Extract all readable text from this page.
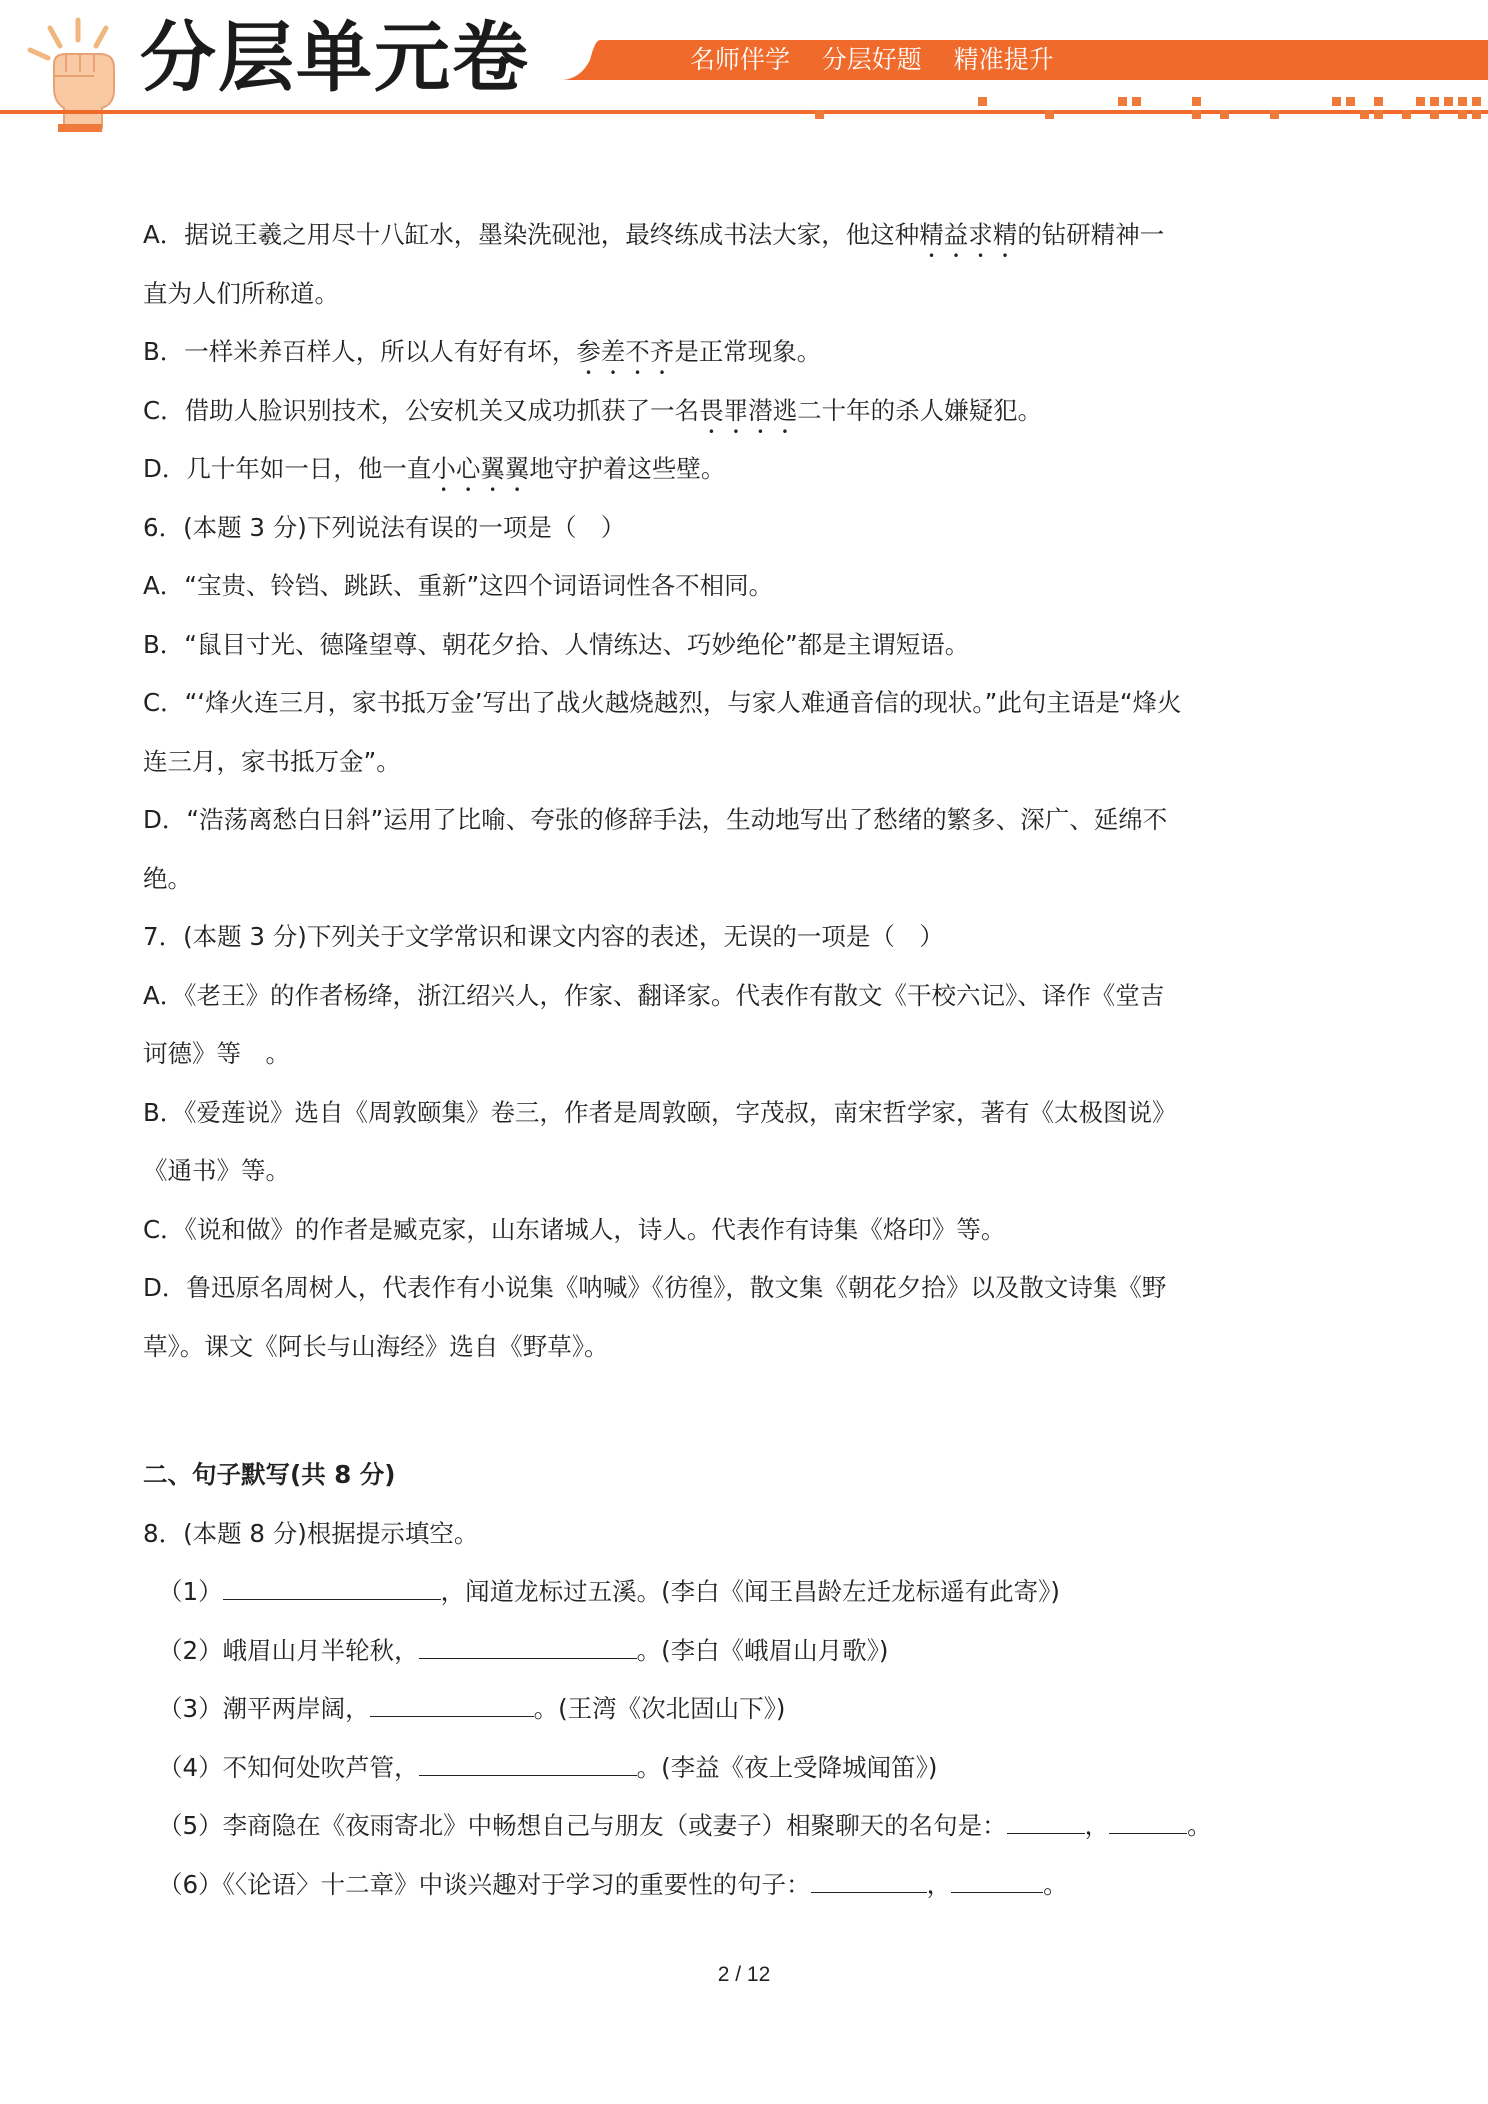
分层单元卷	名师伴学    分层好题    精准提升

A．据说王羲之用尽十八缸水，墨染洗砚池，最终练成书法大家，他这种精益求精的钻研精神一

直为人们所称道。

B．一样米养百样人，所以人有好有坏，参差不齐是正常现象。

C．借助人脸识别技术，公安机关又成功抓获了一名畏罪潜逃二十年的杀人嫌疑犯。

D．几十年如一日，他一直小心翼翼地守护着这些壁。

6．(本题 3 分)下列说法有误的一项是（　）

A．“宝贵、铃铛、跳跃、重新”这四个词语词性各不相同。

B．“鼠目寸光、德隆望尊、朝花夕拾、人情练达、巧妙绝伦”都是主谓短语。

C．“‘烽火连三月，家书抵万金’写出了战火越烧越烈，与家人难通音信的现状。”此句主语是“烽火

连三月，家书抵万金”。

D．“浩荡离愁白日斜”运用了比喻、夸张的修辞手法，生动地写出了愁绪的繁多、深广、延绵不

绝。

7．(本题 3 分)下列关于文学常识和课文内容的表述，无误的一项是（　）

A．《老王》的作者杨绛，浙江绍兴人，作家、翻译家。代表作有散文《干校六记》、译作《堂吉

诃德》等　。

B．《爱莲说》选自《周敦颐集》卷三，作者是周敦颐，字茂叔，南宋哲学家，著有《太极图说》

《通书》等。

C．《说和做》的作者是臧克家，山东诸城人，诗人。代表作有诗集《烙印》等。

D．鲁迅原名周树人，代表作有小说集《呐喊》《彷徨》，散文集《朝花夕拾》以及散文诗集《野

草》。课文《阿长与山海经》选自《野草》。

二、句子默写(共 8 分)

8．(本题 8 分)根据提示填空。

（1）	，闻道龙标过五溪。(李白《闻王昌龄左迁龙标遥有此寄》)

（2）峨眉山月半轮秋，	。(李白《峨眉山月歌》)

（3）潮平两岸阔，	。(王湾《次北固山下》)

（4）不知何处吹芦管，	。(李益《夜上受降城闻笛》)

（5）李商隐在《夜雨寄北》中畅想自己与朋友（或妻子）相聚聊天的名句是：	，	。

（6）《〈论语〉十二章》中谈兴趣对于学习的重要性的句子：	，	。

2 / 12
